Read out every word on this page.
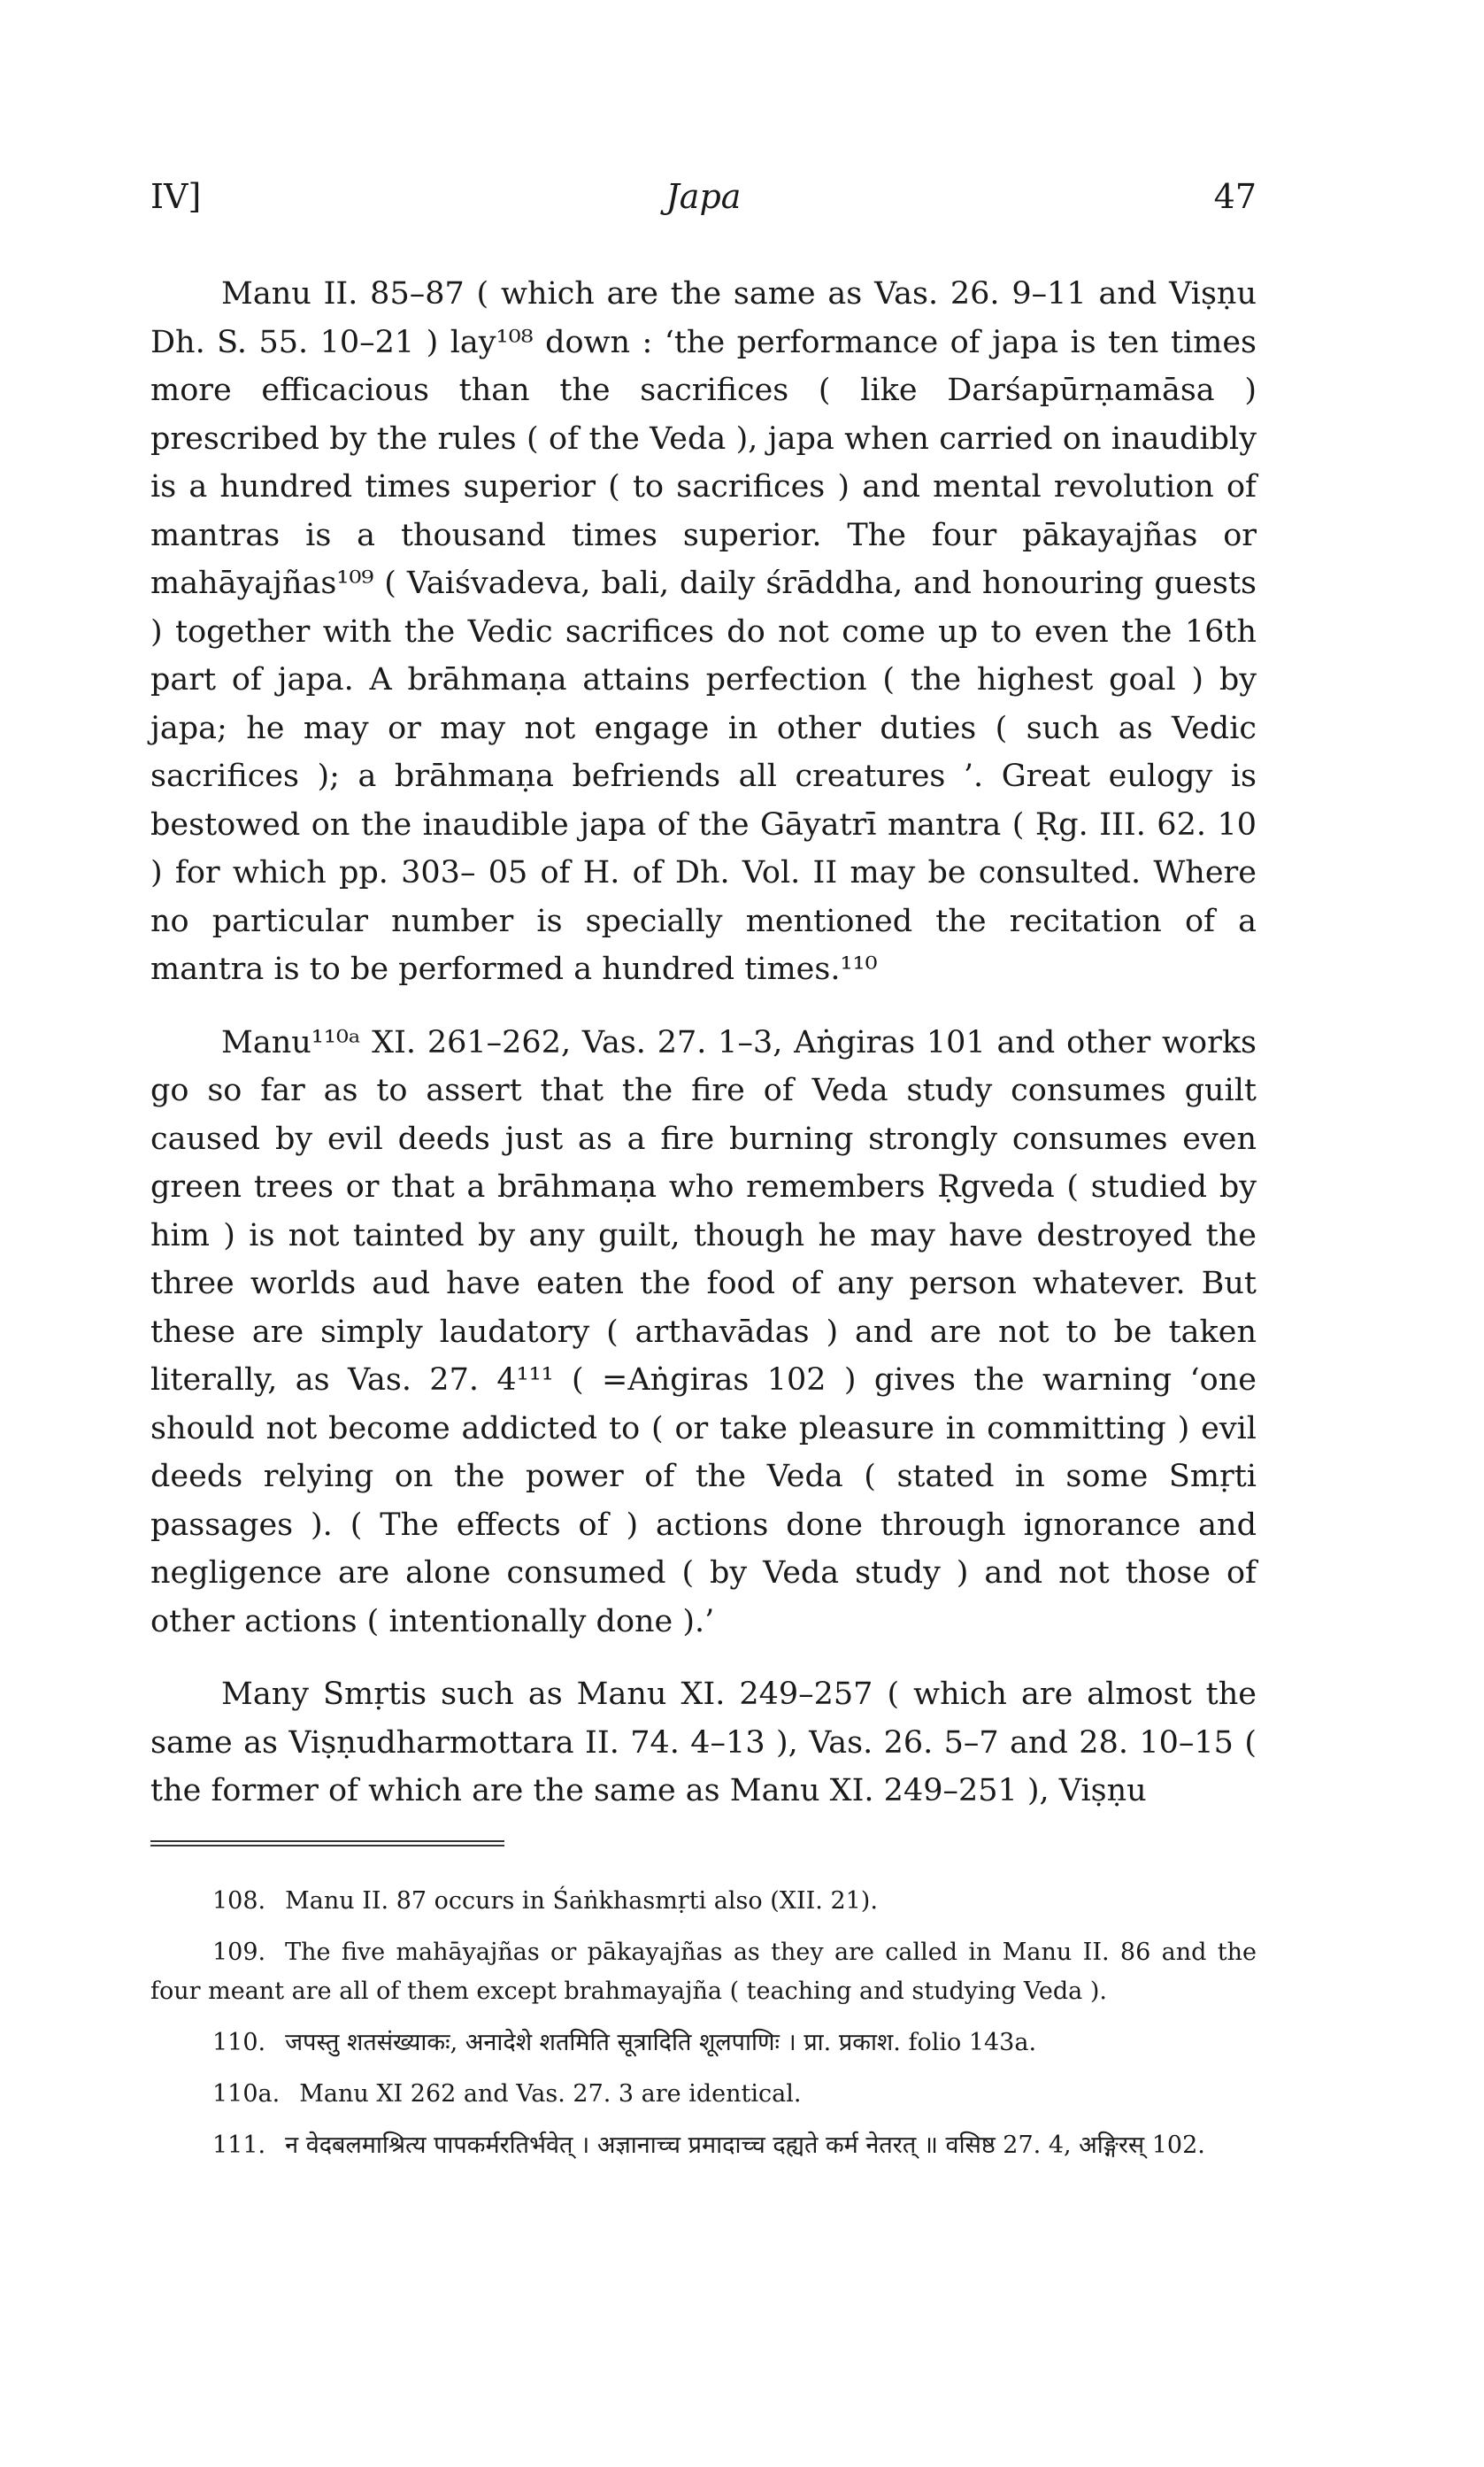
IV]	Japa	47

Manu II. 85–87 ( which are the same as Vas. 26. 9–11 and Viṣṇu Dh. S. 55. 10–21 ) lay¹⁰⁸ down : ‘the performance of japa is ten times more efficacious than the sacrifices ( like Darśapūrṇamāsa ) prescribed by the rules ( of the Veda ), japa when carried on inaudibly is a hundred times superior ( to sacrifices ) and mental revolution of mantras is a thousand times superior. The four pākayajñas or mahāyajñas¹⁰⁹ ( Vaiśvadeva, bali, daily śrāddha, and honouring guests ) together with the Vedic sacrifices do not come up to even the 16th part of japa. A brāhmaṇa attains perfection ( the highest goal ) by japa; he may or may not engage in other duties ( such as Vedic sacrifices ); a brāhmaṇa befriends all creatures ’. Great eulogy is bestowed on the inaudible japa of the Gāyatrī mantra ( Ṛg. III. 62. 10 ) for which pp. 303– 05 of H. of Dh. Vol. II may be consulted. Where no particular number is specially mentioned the recitation of a mantra is to be performed a hundred times.¹¹⁰

Manu¹¹⁰ᵃ XI. 261–262, Vas. 27. 1–3, Aṅgiras 101 and other works go so far as to assert that the fire of Veda study consumes guilt caused by evil deeds just as a fire burning strongly consumes even green trees or that a brāhmaṇa who remembers Ṛgveda ( studied by him ) is not tainted by any guilt, though he may have destroyed the three worlds aud have eaten the food of any person whatever. But these are simply laudatory ( arthavādas ) and are not to be taken literally, as Vas. 27. 4¹¹¹ ( =Aṅgiras 102 ) gives the warning ‘one should not become addicted to ( or take pleasure in committing ) evil deeds relying on the power of the Veda ( stated in some Smṛti passages ). ( The effects of ) actions done through ignorance and negligence are alone consumed ( by Veda study ) and not those of other actions ( intentionally done ).’

Many Smṛtis such as Manu XI. 249–257 ( which are almost the same as Viṣṇudharmottara II. 74. 4–13 ), Vas. 26. 5–7 and 28. 10–15 ( the former of which are the same as Manu XI. 249–251 ), Viṣṇu

108. Manu II. 87 occurs in Śaṅkhasmṛti also (XII. 21).

109. The five mahāyajñas or pākayajñas as they are called in Manu II. 86 and the four meant are all of them except brahmayajña ( teaching and studying Veda ).

110. जपस्तु शतसंख्याकः, अनादेशे शतमिति सूत्रादिति शूलपाणिः । प्रा. प्रकाश. folio 143a.

110a. Manu XI 262 and Vas. 27. 3 are identical.

111. न वेदबलमाश्रित्य पापकर्मरतिर्भवेत् । अज्ञानाच्च प्रमादाच्च दह्यते कर्म नेतरत् ॥ वसिष्ठ 27. 4, अङ्गिरस् 102.
